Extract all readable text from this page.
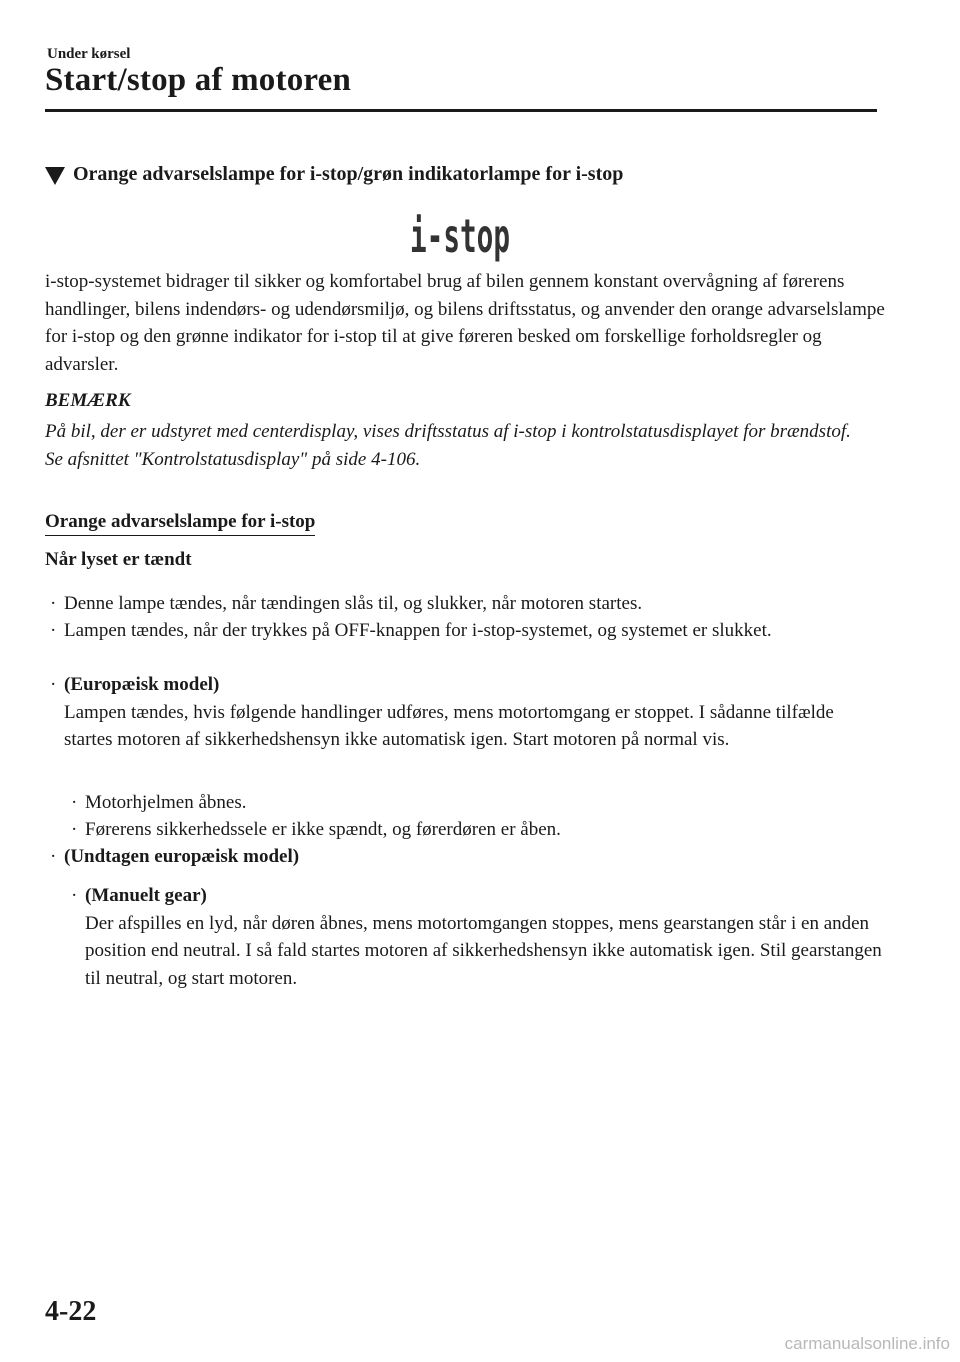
Under kørsel
Start/stop af motoren
Orange advarselslampe for i-stop/grøn indikatorlampe for i-stop
i-stop
i-stop-systemet bidrager til sikker og komfortabel brug af bilen gennem konstant overvågning af førerens handlinger, bilens indendørs- og udendørsmiljø, og bilens driftsstatus, og anvender den orange advarselslampe for i-stop og den grønne indikator for i-stop til at give føreren besked om forskellige forholdsregler og advarsler.
BEMÆRK
På bil, der er udstyret med centerdisplay, vises driftsstatus af i-stop i kontrolstatusdisplayet for brændstof.
Se afsnittet "Kontrolstatusdisplay" på side 4-106.
Orange advarselslampe for i-stop
Når lyset er tændt
· Denne lampe tændes, når tændingen slås til, og slukker, når motoren startes.
· Lampen tændes, når der trykkes på OFF-knappen for i-stop-systemet, og systemet er slukket.
· (Europæisk model)
Lampen tændes, hvis følgende handlinger udføres, mens motortomgang er stoppet. I sådanne tilfælde startes motoren af sikkerhedshensyn ikke automatisk igen. Start motoren på normal vis.
· Motorhjelmen åbnes.
· Førerens sikkerhedssele er ikke spændt, og førerdøren er åben.
· (Undtagen europæisk model)
· (Manuelt gear)
Der afspilles en lyd, når døren åbnes, mens motortomgangen stoppes, mens gearstangen står i en anden position end neutral. I så fald startes motoren af sikkerhedshensyn ikke automatisk igen. Stil gearstangen til neutral, og start motoren.
4-22
carmanualsonline.info
